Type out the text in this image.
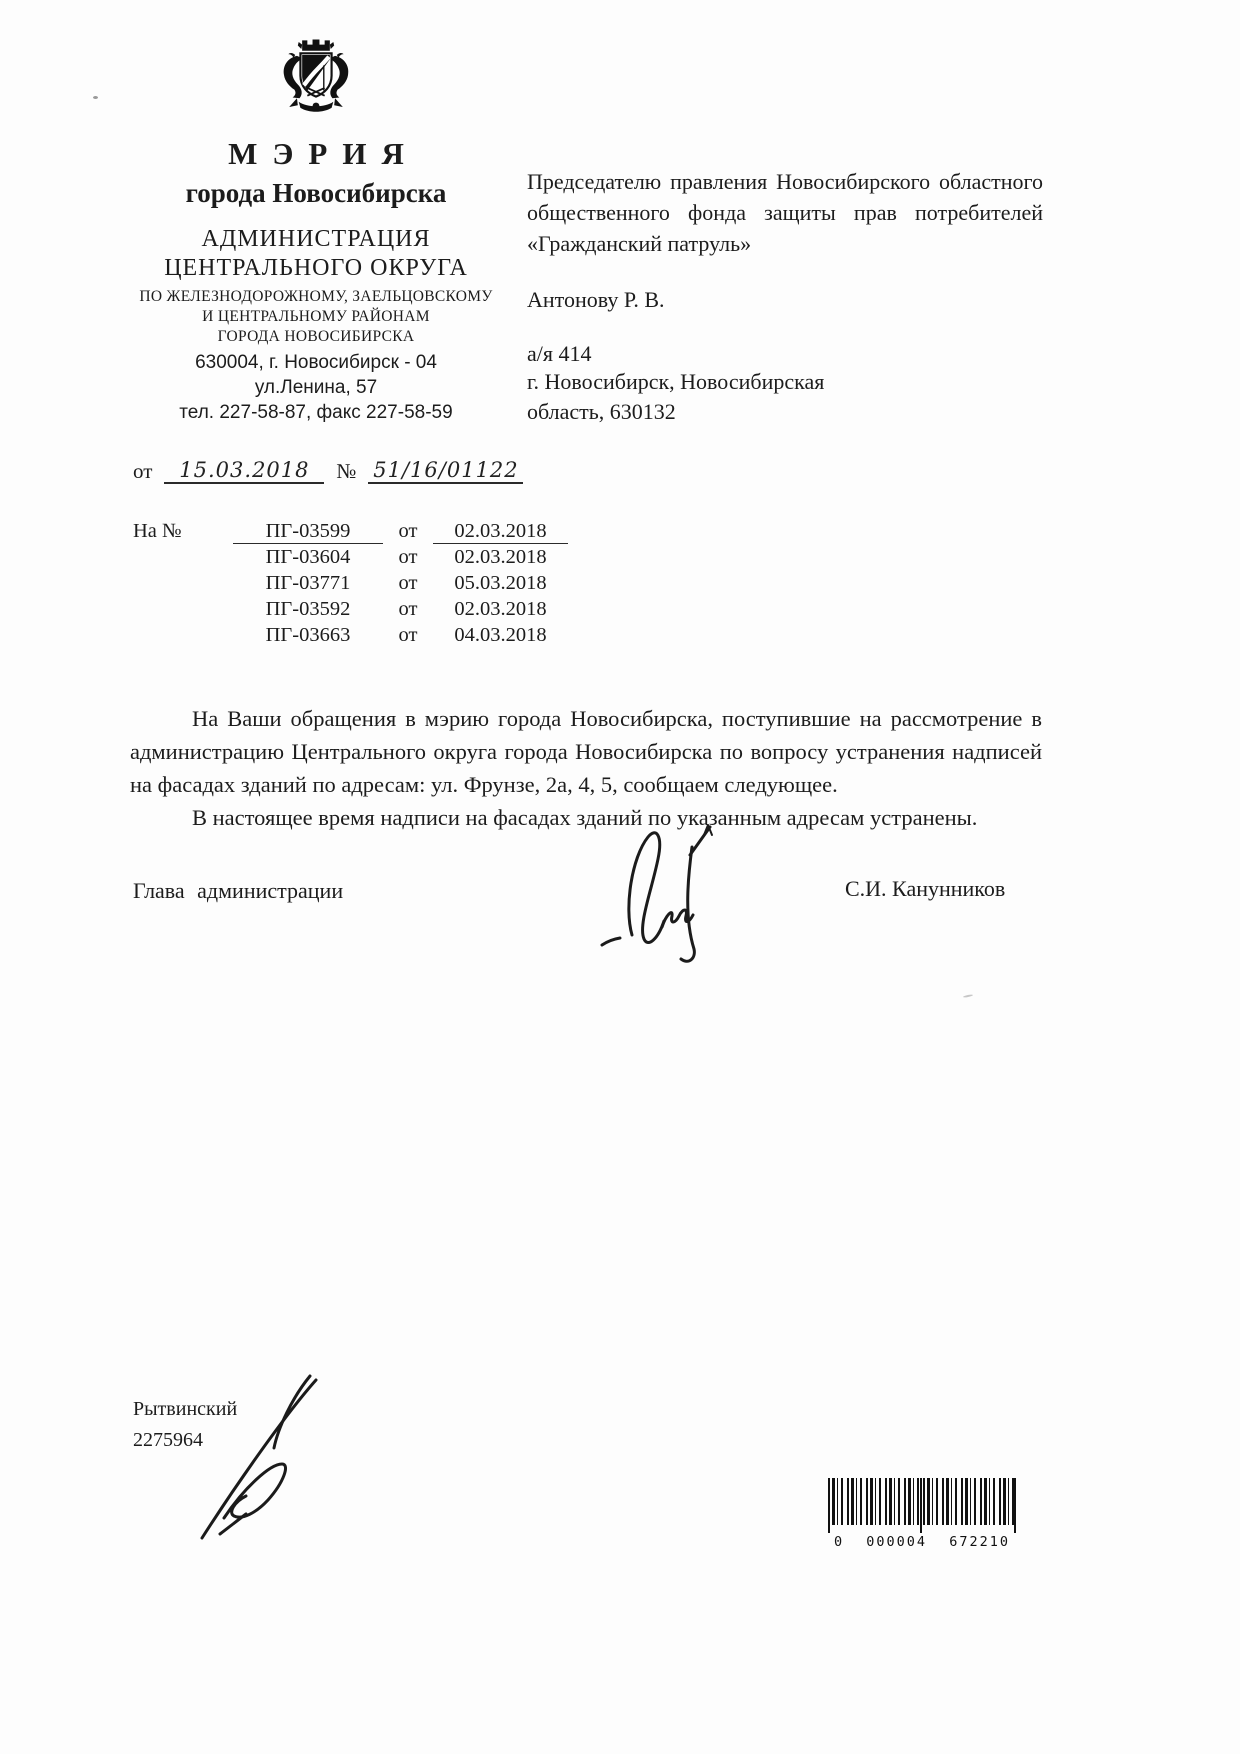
МЭРИЯ
города Новосибирска
АДМИНИСТРАЦИЯ
ЦЕНТРАЛЬНОГО ОКРУГА
ПО ЖЕЛЕЗНОДОРОЖНОМУ, ЗАЕЛЬЦОВСКОМУ
И ЦЕНТРАЛЬНОМУ РАЙОНАМ
ГОРОДА НОВОСИБИРСКА
630004, г. Новосибирск - 04
ул.Ленина, 57
тел. 227-58-87, факс 227-58-59
от	15.03.2018	№ 51/16/01122
На №	ПГ-03599	от	02.03.2018
ПГ-03604	от	02.03.2018
ПГ-03771	от	05.03.2018
ПГ-03592	от	02.03.2018
ПГ-03663	от	04.03.2018
Председателю правления Новосибирского областного общественного фонда защиты прав потребителей «Гражданский патруль»
Антонову Р. В.
а/я 414
г. Новосибирск, Новосибирская
область, 630132

На Ваши обращения в мэрию города Новосибирска, поступившие на рассмотрение в администрацию Центрального округа города Новосибирска по вопросу устранения надписей на фасадах зданий по адресам: ул. Фрунзе, 2а, 4, 5, сообщаем следующее.

В настоящее время надписи на фасадах зданий по указанным адресам устранены.

Глава администрации	С.И. Канунников
Рытвинский
2275964
0 000004 672210
